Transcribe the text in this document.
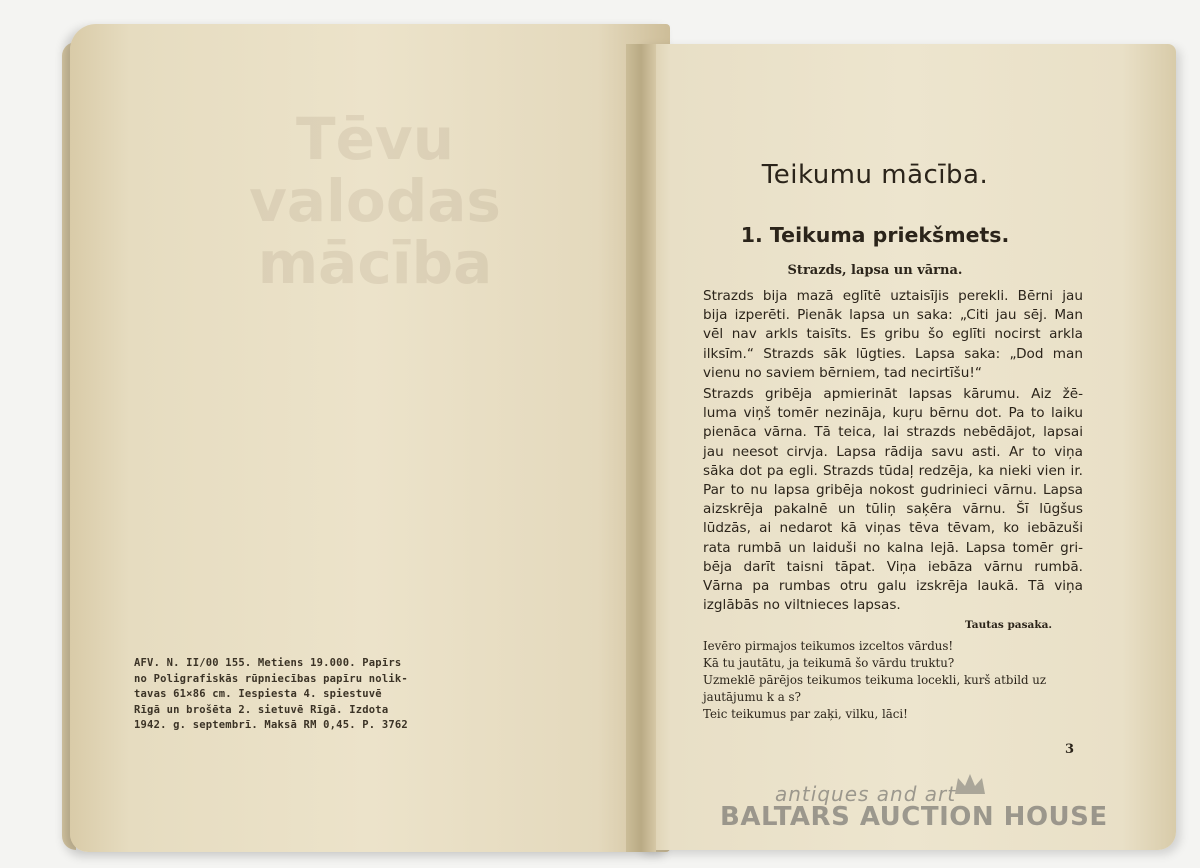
Tēvu valodas mācība
AFV. N. II/00 155. Metiens 19.000. Papīrs
no Poligrafiskās rūpniecības papīru nolik-
tavas 61×86 cm. Iespiesta 4. spiestuvē
Rīgā un brošēta 2. sietuvē Rīgā. Izdota
1942. g. septembrī. Maksā RM 0,45. P. 3762
Teikumu mācība.
1. Teikuma priekšmets.
Strazds, lapsa un vārna.
Strazds bija mazā eglītē uztaisījis perekli. Bērni jau
bija izperēti. Pienāk lapsa un saka: „Citi jau sēj. Man
vēl nav arkls taisīts. Es gribu šo eglīti nocirst arkla
ilksīm.“ Strazds sāk lūgties. Lapsa saka: „Dod man
vienu no saviem bērniem, tad necirtīšu!“
Strazds gribēja apmierināt lapsas kārumu. Aiz žē-
luma viņš tomēr nezināja, kuŗu bērnu dot. Pa to laiku
pienāca vārna. Tā teica, lai strazds nebēdājot, lapsai
jau neesot cirvja. Lapsa rādija savu asti. Ar to viņa
sāka dot pa egli. Strazds tūdaļ redzēja, ka nieki vien ir.
Par to nu lapsa gribēja nokost gudrinieci vārnu. Lapsa
aizskrēja pakalnē un tūliņ saķēra vārnu. Šī lūgšus
lūdzās, ai nedarot kā viņas tēva tēvam, ko iebāzuši
rata rumbā un laiduši no kalna lejā. Lapsa tomēr gri-
bēja darīt taisni tāpat. Viņa iebāza vārnu rumbā.
Vārna pa rumbas otru galu izskrēja laukā. Tā viņa
izglābās no viltnieces lapsas.
Tautas pasaka.
Ievēro pirmajos teikumos izceltos vārdus!
Kā tu jautātu, ja teikumā šo vārdu truktu?
Uzmeklē pārējos teikumos teikuma locekli, kurš atbild uz
jautājumu k a s?
Teic teikumus par zaķi, vilku, lāci!
3
antiques and art
BALTARS AUCTION HOUSE
